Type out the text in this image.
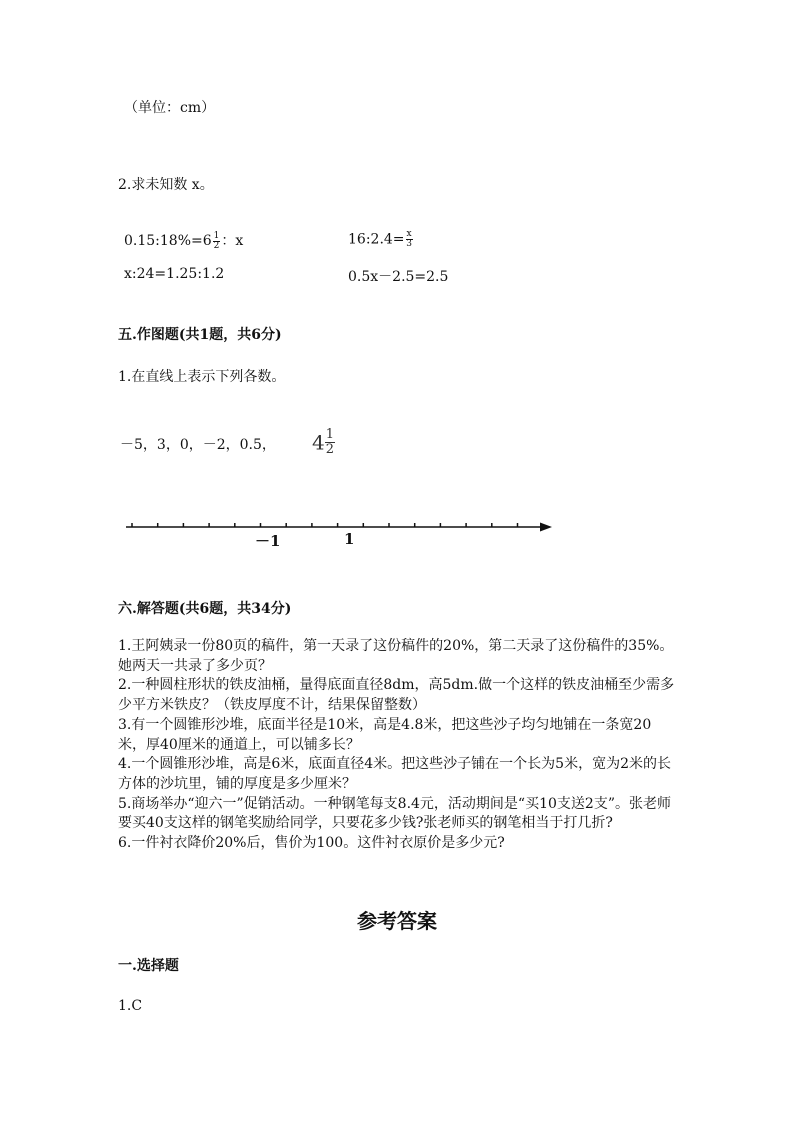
（单位：cm）
2.求未知数 x。
0.15:18%=6 $\frac{1}{2}$ ：x	16:2.4= $\frac{x}{3}$
x:24=1.25:1.2	0.5x－2.5=2.5
五.作图题(共1题，共6分)
1.在直线上表示下列各数。
－5，3，0，－2，0.5， $4 \frac{1}{2}$
－1	1
六.解答题(共6题，共34分)
1.王阿姨录一份80页的稿件，第一天录了这份稿件的20%，第二天录了这份稿件的35%。她两天一共录了多少页？
2.一种圆柱形状的铁皮油桶，量得底面直径8dm，高5dm.做一个这样的铁皮油桶至少需多少平方米铁皮？（铁皮厚度不计，结果保留整数）
3.有一个圆锥形沙堆，底面半径是10米，高是4.8米，把这些沙子均匀地铺在一条宽20米，厚40厘米的通道上，可以铺多长？
4.一个圆锥形沙堆，高是6米，底面直径4米。把这些沙子铺在一个长为5米，宽为2米的长方体的沙坑里，铺的厚度是多少厘米？
5.商场举办“迎六一”促销活动。一种钢笔每支8.4元，活动期间是“买10支送2支”。张老师要买40支这样的钢笔奖励给同学，只要花多少钱?张老师买的钢笔相当于打几折?
6.一件衬衣降价20%后，售价为100。这件衬衣原价是多少元?
参考答案
一.选择题
1.C
